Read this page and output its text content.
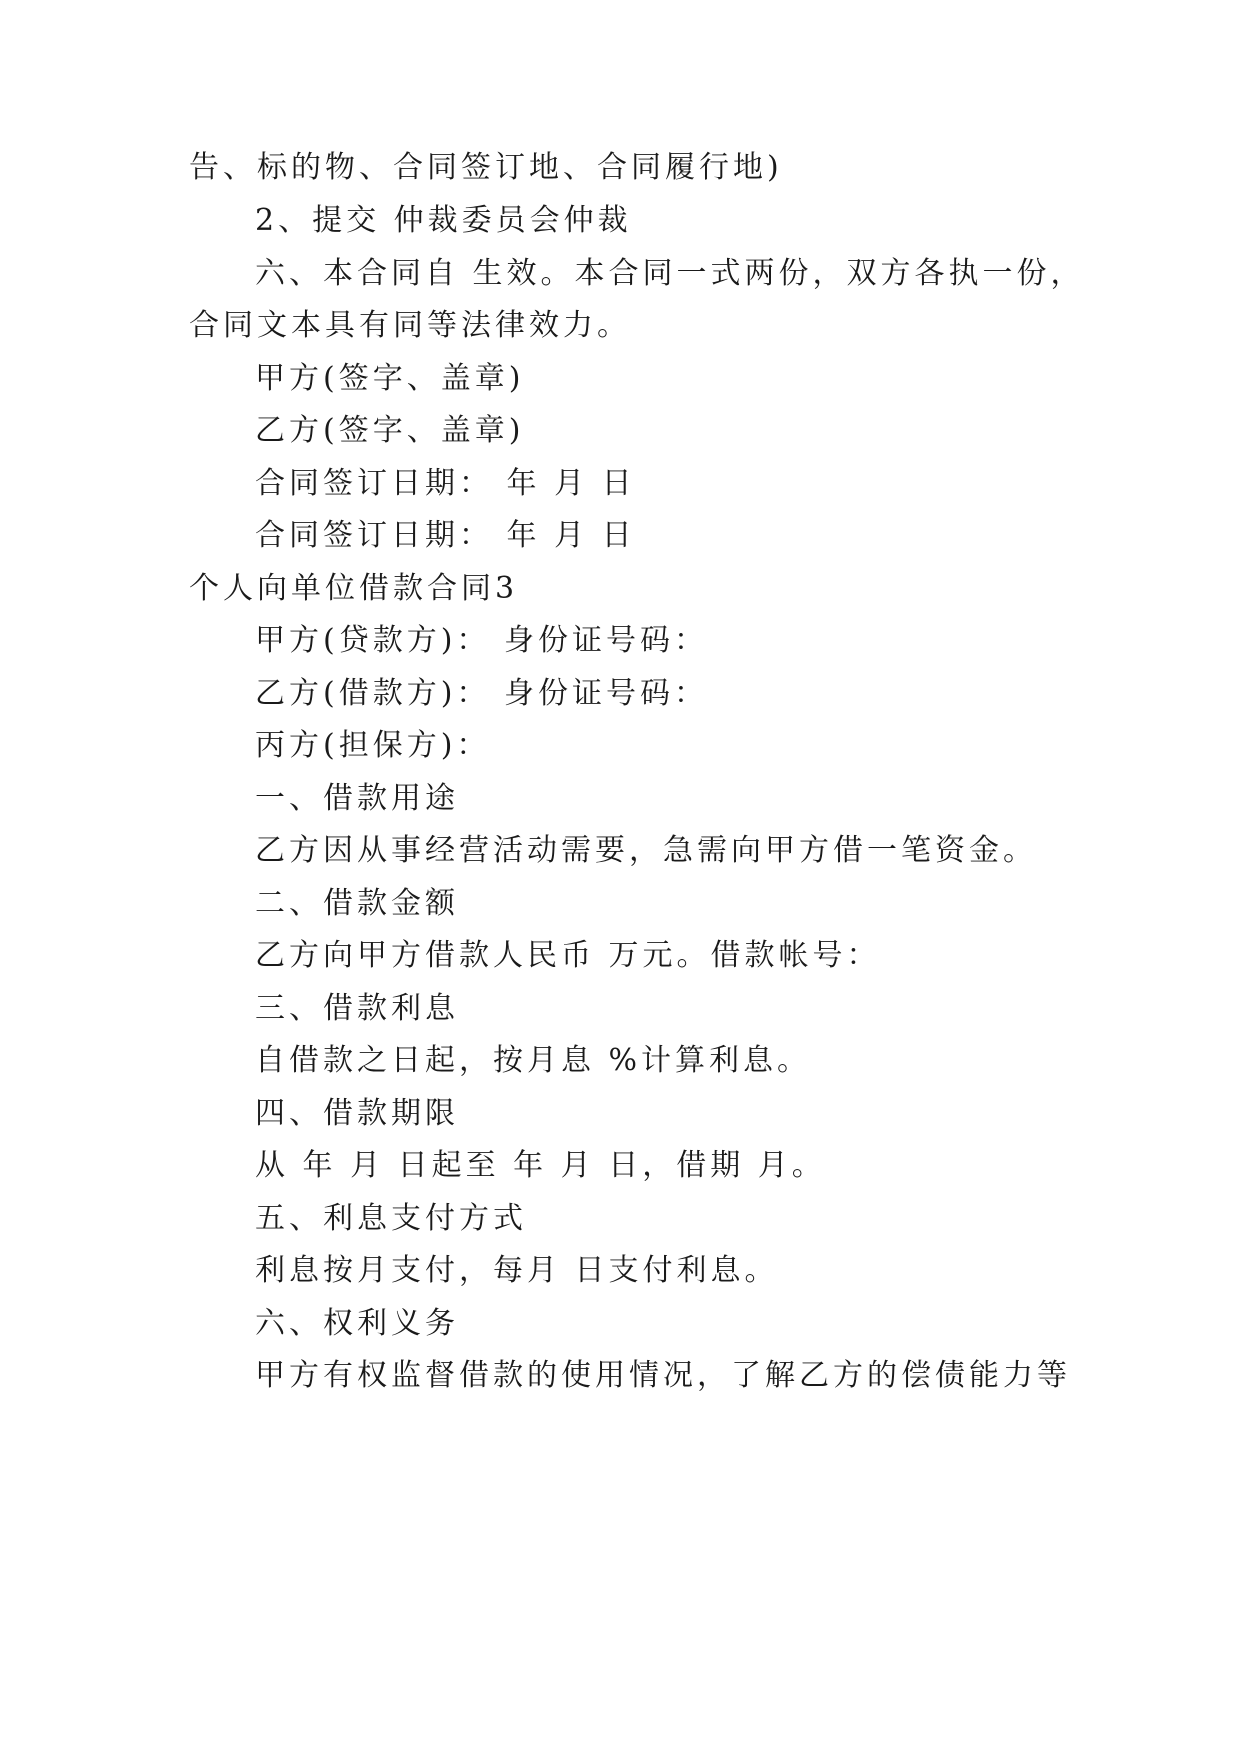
告、标的物、合同签订地、合同履行地)
2、提交 仲裁委员会仲裁
六、本合同自 生效。本合同一式两份，双方各执一份，
合同文本具有同等法律效力。
甲方(签字、盖章)
乙方(签字、盖章)
合同签订日期： 年 月 日
合同签订日期： 年 月 日
个人向单位借款合同3
甲方(贷款方)： 身份证号码：
乙方(借款方)： 身份证号码：
丙方(担保方)：
一、借款用途
乙方因从事经营活动需要，急需向甲方借一笔资金。
二、借款金额
乙方向甲方借款人民币 万元。借款帐号：
三、借款利息
自借款之日起，按月息 %计算利息。
四、借款期限
从 年 月 日起至 年 月 日，借期 月。
五、利息支付方式
利息按月支付，每月 日支付利息。
六、权利义务
甲方有权监督借款的使用情况，了解乙方的偿债能力等
